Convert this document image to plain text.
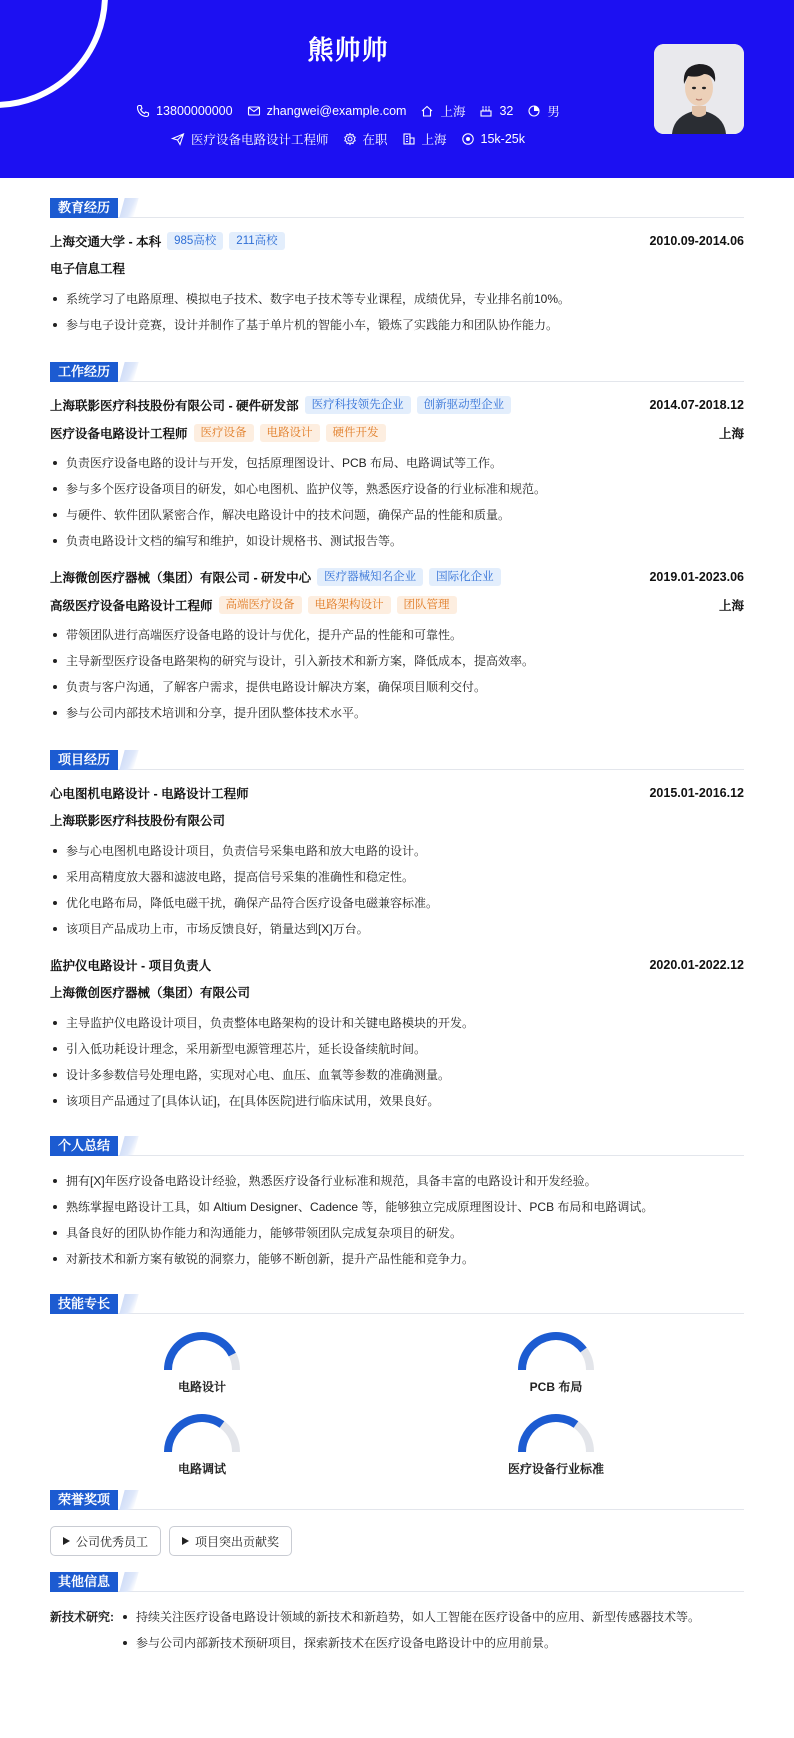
熊帅帅
13800000000	zhangwei@example.com	上海	32	男
医疗设备电路设计工程师	在职	上海	15k-25k
教育经历
上海交通大学 - 本科	985高校	211高校	2010.09-2014.06
电子信息工程
系统学习了电路原理、模拟电子技术、数字电子技术等专业课程，成绩优异，专业排名前10%。
参与电子设计竞赛，设计并制作了基于单片机的智能小车，锻炼了实践能力和团队协作能力。
工作经历
上海联影医疗科技股份有限公司 - 硬件研发部	医疗科技领先企业	创新驱动型企业	2014.07-2018.12
医疗设备电路设计工程师	医疗设备	电路设计	硬件开发	上海
负责医疗设备电路的设计与开发，包括原理图设计、PCB 布局、电路调试等工作。
参与多个医疗设备项目的研发，如心电图机、监护仪等，熟悉医疗设备的行业标准和规范。
与硬件、软件团队紧密合作，解决电路设计中的技术问题，确保产品的性能和质量。
负责电路设计文档的编写和维护，如设计规格书、测试报告等。
上海微创医疗器械（集团）有限公司 - 研发中心	医疗器械知名企业	国际化企业	2019.01-2023.06
高级医疗设备电路设计工程师	高端医疗设备	电路架构设计	团队管理	上海
带领团队进行高端医疗设备电路的设计与优化，提升产品的性能和可靠性。
主导新型医疗设备电路架构的研究与设计，引入新技术和新方案，降低成本，提高效率。
负责与客户沟通，了解客户需求，提供电路设计解决方案，确保项目顺利交付。
参与公司内部技术培训和分享，提升团队整体技术水平。
项目经历
心电图机电路设计 - 电路设计工程师	2015.01-2016.12
上海联影医疗科技股份有限公司
参与心电图机电路设计项目，负责信号采集电路和放大电路的设计。
采用高精度放大器和滤波电路，提高信号采集的准确性和稳定性。
优化电路布局，降低电磁干扰，确保产品符合医疗设备电磁兼容标准。
该项目产品成功上市，市场反馈良好，销量达到[X]万台。
监护仪电路设计 - 项目负责人	2020.01-2022.12
上海微创医疗器械（集团）有限公司
主导监护仪电路设计项目，负责整体电路架构的设计和关键电路模块的开发。
引入低功耗设计理念，采用新型电源管理芯片，延长设备续航时间。
设计多参数信号处理电路，实现对心电、血压、血氧等参数的准确测量。
该项目产品通过了[具体认证]，在[具体医院]进行临床试用，效果良好。
个人总结
拥有[X]年医疗设备电路设计经验，熟悉医疗设备行业标准和规范，具备丰富的电路设计和开发经验。
熟练掌握电路设计工具，如 Altium Designer、Cadence 等，能够独立完成原理图设计、PCB 布局和电路调试。
具备良好的团队协作能力和沟通能力，能够带领团队完成复杂项目的研发。
对新技术和新方案有敏锐的洞察力，能够不断创新，提升产品性能和竞争力。
技能专长
电路设计	PCB 布局
电路调试	医疗设备行业标准
荣誉奖项
公司优秀员工	项目突出贡献奖
其他信息
新技术研究:	持续关注医疗设备电路设计领域的新技术和新趋势，如人工智能在医疗设备中的应用、新型传感器技术等。
参与公司内部新技术预研项目，探索新技术在医疗设备电路设计中的应用前景。
